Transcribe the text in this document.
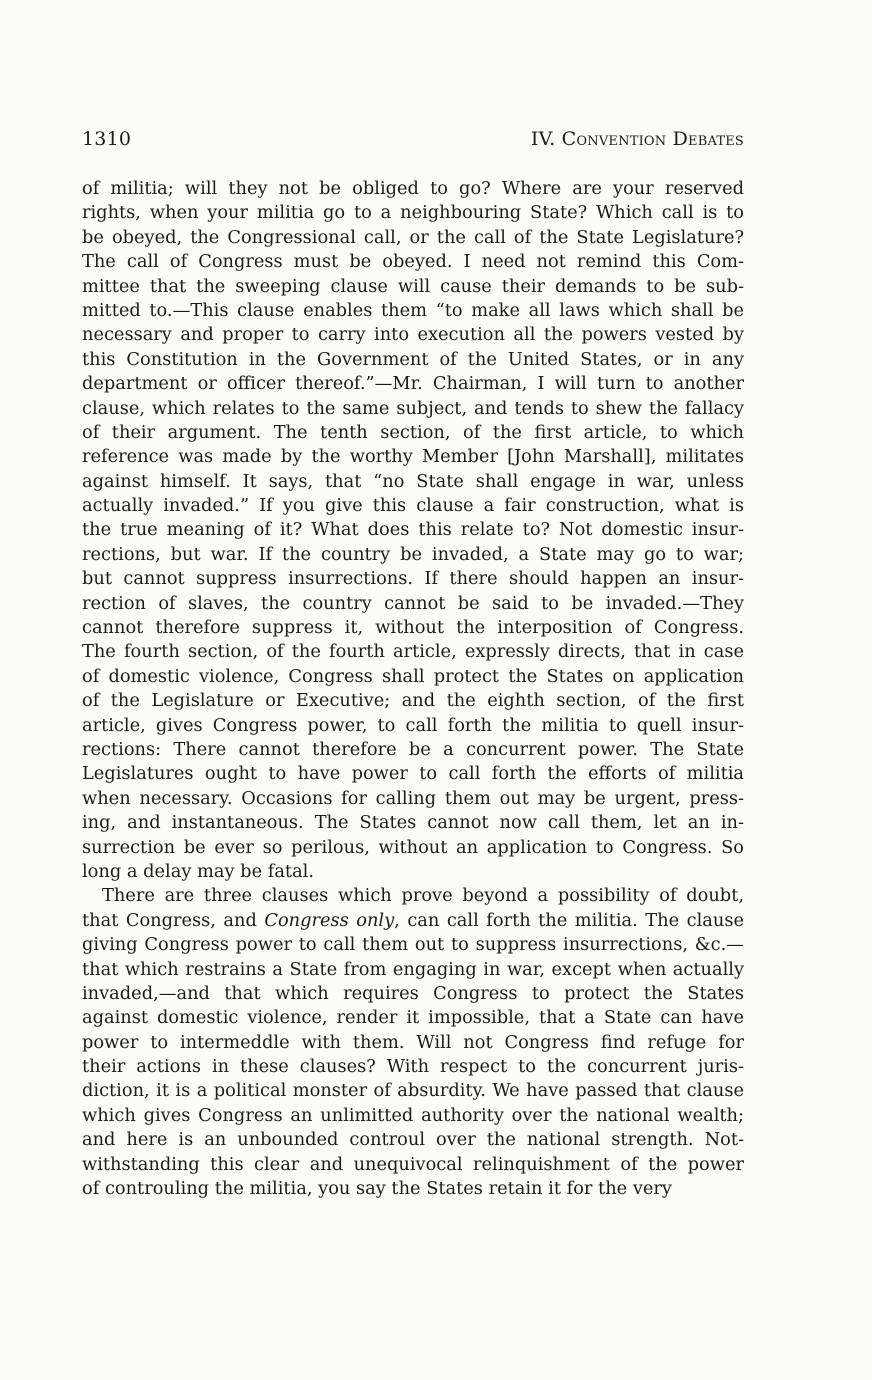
1310	IV. Convention Debates
of militia; will they not be obliged to go? Where are your reserved
rights, when your militia go to a neighbouring State? Which call is to
be obeyed, the Congressional call, or the call of the State Legislature?
The call of Congress must be obeyed. I need not remind this Com-
mittee that the sweeping clause will cause their demands to be sub-
mitted to.—This clause enables them “to make all laws which shall be
necessary and proper to carry into execution all the powers vested by
this Constitution in the Government of the United States, or in any
department or officer thereof.”—Mr. Chairman, I will turn to another
clause, which relates to the same subject, and tends to shew the fallacy
of their argument. The tenth section, of the first article, to which
reference was made by the worthy Member [John Marshall], militates
against himself. It says, that “no State shall engage in war, unless
actually invaded.” If you give this clause a fair construction, what is
the true meaning of it? What does this relate to? Not domestic insur-
rections, but war. If the country be invaded, a State may go to war;
but cannot suppress insurrections. If there should happen an insur-
rection of slaves, the country cannot be said to be invaded.—They
cannot therefore suppress it, without the interposition of Congress.
The fourth section, of the fourth article, expressly directs, that in case
of domestic violence, Congress shall protect the States on application
of the Legislature or Executive; and the eighth section, of the first
article, gives Congress power, to call forth the militia to quell insur-
rections: There cannot therefore be a concurrent power. The State
Legislatures ought to have power to call forth the efforts of militia
when necessary. Occasions for calling them out may be urgent, press-
ing, and instantaneous. The States cannot now call them, let an in-
surrection be ever so perilous, without an application to Congress. So
long a delay may be fatal.
There are three clauses which prove beyond a possibility of doubt,
that Congress, and Congress only, can call forth the militia. The clause
giving Congress power to call them out to suppress insurrections, &c.—
that which restrains a State from engaging in war, except when actually
invaded,—and that which requires Congress to protect the States
against domestic violence, render it impossible, that a State can have
power to intermeddle with them. Will not Congress find refuge for
their actions in these clauses? With respect to the concurrent juris-
diction, it is a political monster of absurdity. We have passed that clause
which gives Congress an unlimitted authority over the national wealth;
and here is an unbounded controul over the national strength. Not-
withstanding this clear and unequivocal relinquishment of the power
of controuling the militia, you say the States retain it for the very
